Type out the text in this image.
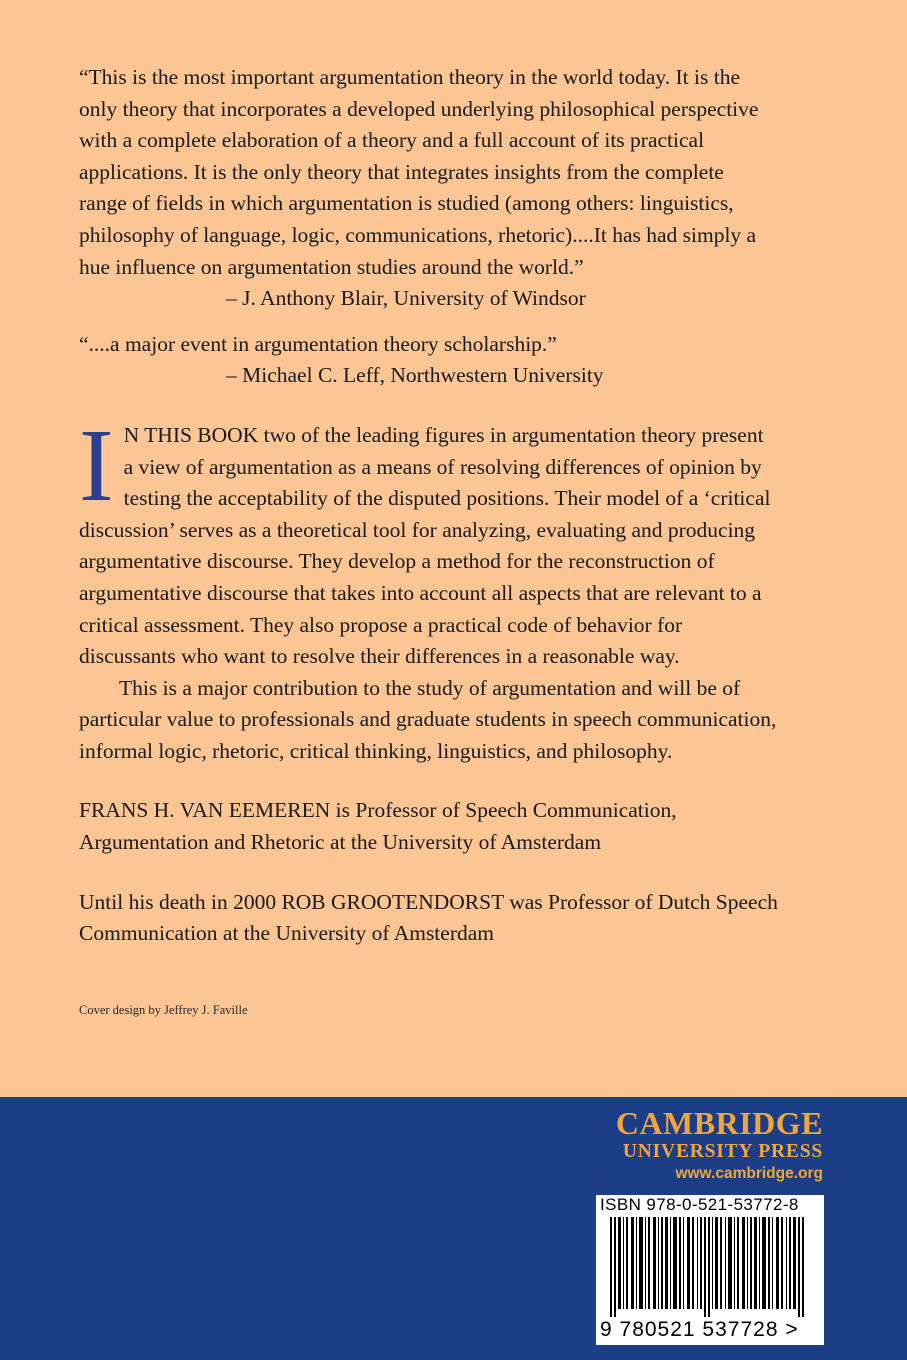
“This is the most important argumentation theory in the world today. It is the

only theory that incorporates a developed underlying philosophical perspective

with a complete elaboration of a theory and a full account of its practical

applications. It is the only theory that integrates insights from the complete

range of fields in which argumentation is studied (among others: linguistics,

philosophy of language, logic, communications, rhetoric)....It has had simply a

hue influence on argumentation studies around the world.”

– J. Anthony Blair, University of Windsor

“....a major event in argumentation theory scholarship.”

– Michael C. Leff, Northwestern University

I N THIS BOOK two of the leading figures in argumentation theory present

a view of argumentation as a means of resolving differences of opinion by

testing the acceptability of the disputed positions. Their model of a ‘critical

discussion’ serves as a theoretical tool for analyzing, evaluating and producing

argumentative discourse. They develop a method for the reconstruction of

argumentative discourse that takes into account all aspects that are relevant to a

critical assessment. They also propose a practical code of behavior for

discussants who want to resolve their differences in a reasonable way.

This is a major contribution to the study of argumentation and will be of

particular value to professionals and graduate students in speech communication,

informal logic, rhetoric, critical thinking, linguistics, and philosophy.

FRANS H. VAN EEMEREN is Professor of Speech Communication,

Argumentation and Rhetoric at the University of Amsterdam

Until his death in 2000 ROB GROOTENDORST was Professor of Dutch Speech

Communication at the University of Amsterdam

Cover design by Jeffrey J. Faville
CAMBRIDGE
UNIVERSITY PRESS
www.cambridge.org
ISBN 978-0-521-53772-8
9 780521 537728 >
